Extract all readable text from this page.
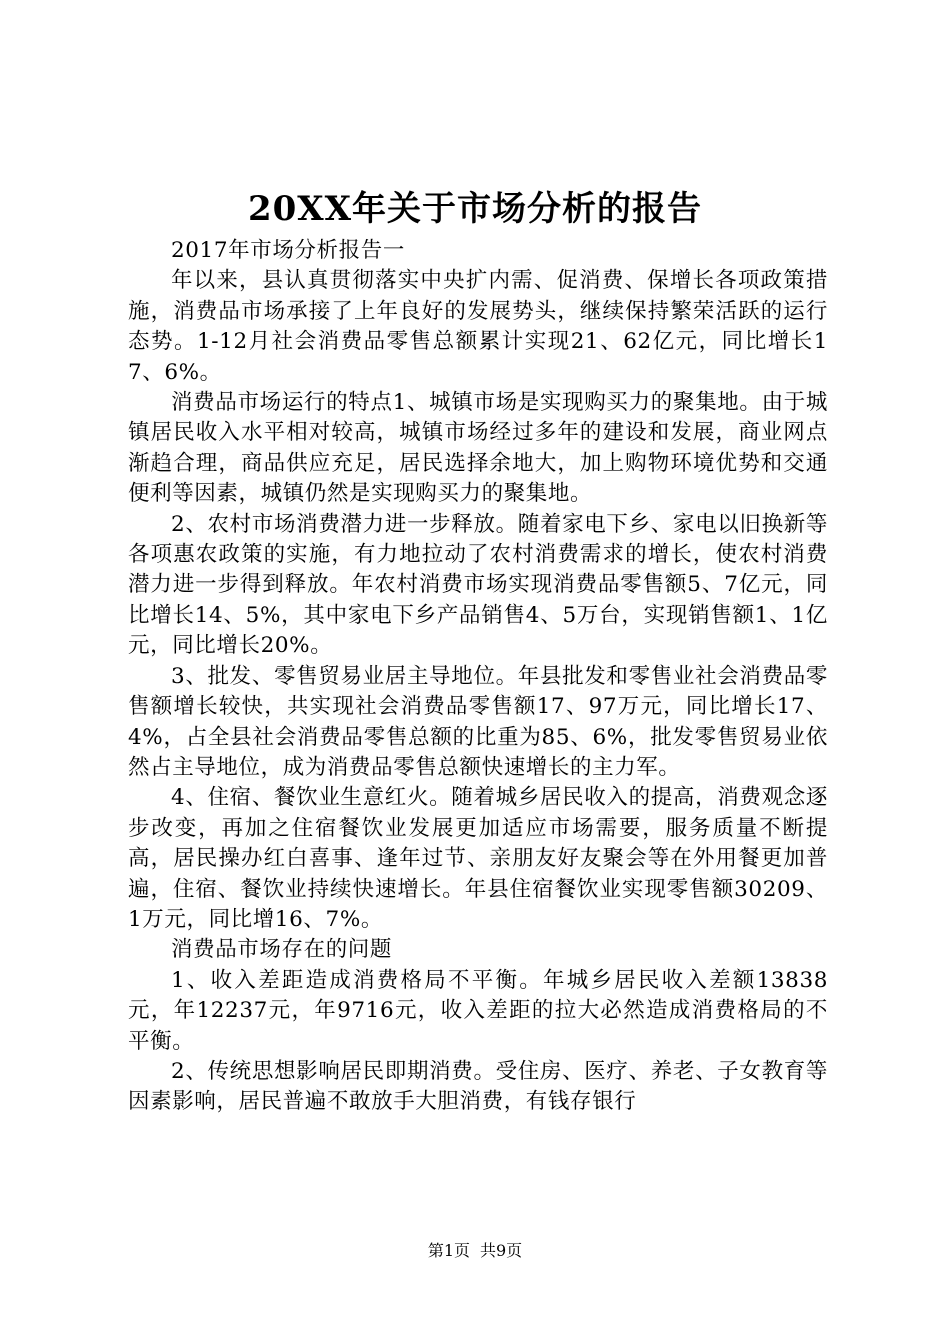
20XX年关于市场分析的报告

2017年市场分析报告一

年以来，县认真贯彻落实中央扩内需、促消费、保增长各项政策措施，消费品市场承接了上年良好的发展势头，继续保持繁荣活跃的运行态势。1-12月社会消费品零售总额累计实现21、62亿元，同比增长17、6%。

消费品市场运行的特点1、城镇市场是实现购买力的聚集地。由于城镇居民收入水平相对较高，城镇市场经过多年的建设和发展，商业网点渐趋合理，商品供应充足，居民选择余地大，加上购物环境优势和交通便利等因素，城镇仍然是实现购买力的聚集地。

2、农村市场消费潜力进一步释放。随着家电下乡、家电以旧换新等各项惠农政策的实施，有力地拉动了农村消费需求的增长，使农村消费潜力进一步得到释放。年农村消费市场实现消费品零售额5、7亿元，同比增长14、5%，其中家电下乡产品销售4、5万台，实现销售额1、1亿元，同比增长20%。

3、批发、零售贸易业居主导地位。年县批发和零售业社会消费品零售额增长较快，共实现社会消费品零售额17、97万元，同比增长17、4%，占全县社会消费品零售总额的比重为85、6%，批发零售贸易业依然占主导地位，成为消费品零售总额快速增长的主力军。

4、住宿、餐饮业生意红火。随着城乡居民收入的提高，消费观念逐步改变，再加之住宿餐饮业发展更加适应市场需要，服务质量不断提高，居民操办红白喜事、逢年过节、亲朋友好友聚会等在外用餐更加普遍，住宿、餐饮业持续快速增长。年县住宿餐饮业实现零售额30209、1万元，同比增16、7%。

消费品市场存在的问题

1、收入差距造成消费格局不平衡。年城乡居民收入差额13838元，年12237元，年9716元，收入差距的拉大必然造成消费格局的不平衡。

2、传统思想影响居民即期消费。受住房、医疗、养老、子女教育等因素影响，居民普遍不敢放手大胆消费，有钱存银行

第1页 共9页
